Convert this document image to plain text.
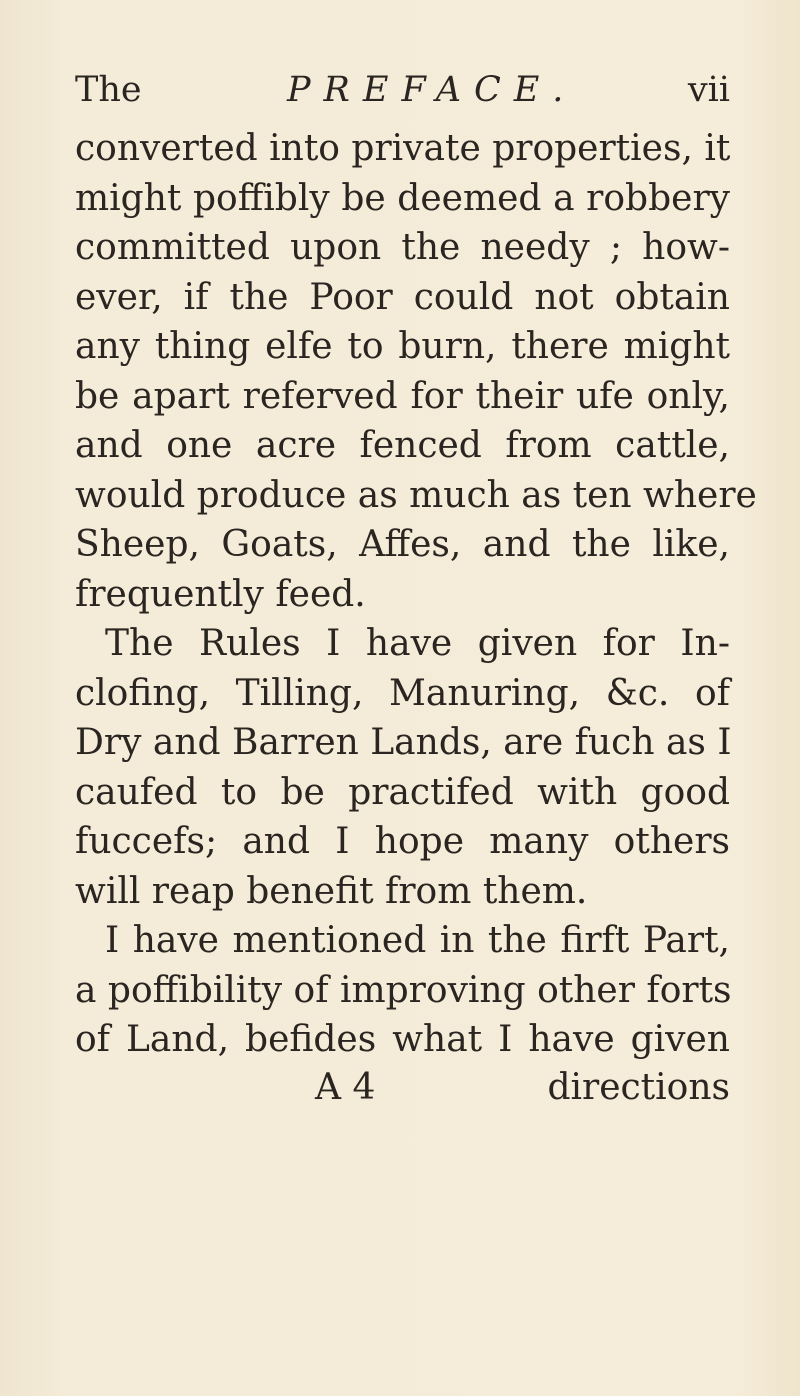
The	PREFACE.	vii
converted into private properties, it
might poffibly be deemed a robbery
committed upon the needy ; how-
ever, if the Poor could not obtain
any thing elfe to burn, there might
be apart referved for their ufe only,
and one acre fenced from cattle,
would produce as much as ten where
Sheep, Goats, Affes, and the like,
frequently feed.
The Rules I have given for In-
clofing, Tilling, Manuring, &c. of
Dry and Barren Lands, are fuch as I
caufed to be practifed with good
fuccefs; and I hope many others
will reap benefit from them.
I have mentioned in the firft Part,
a poffibility of improving other forts
of Land, befides what I have given
A 4	directions
